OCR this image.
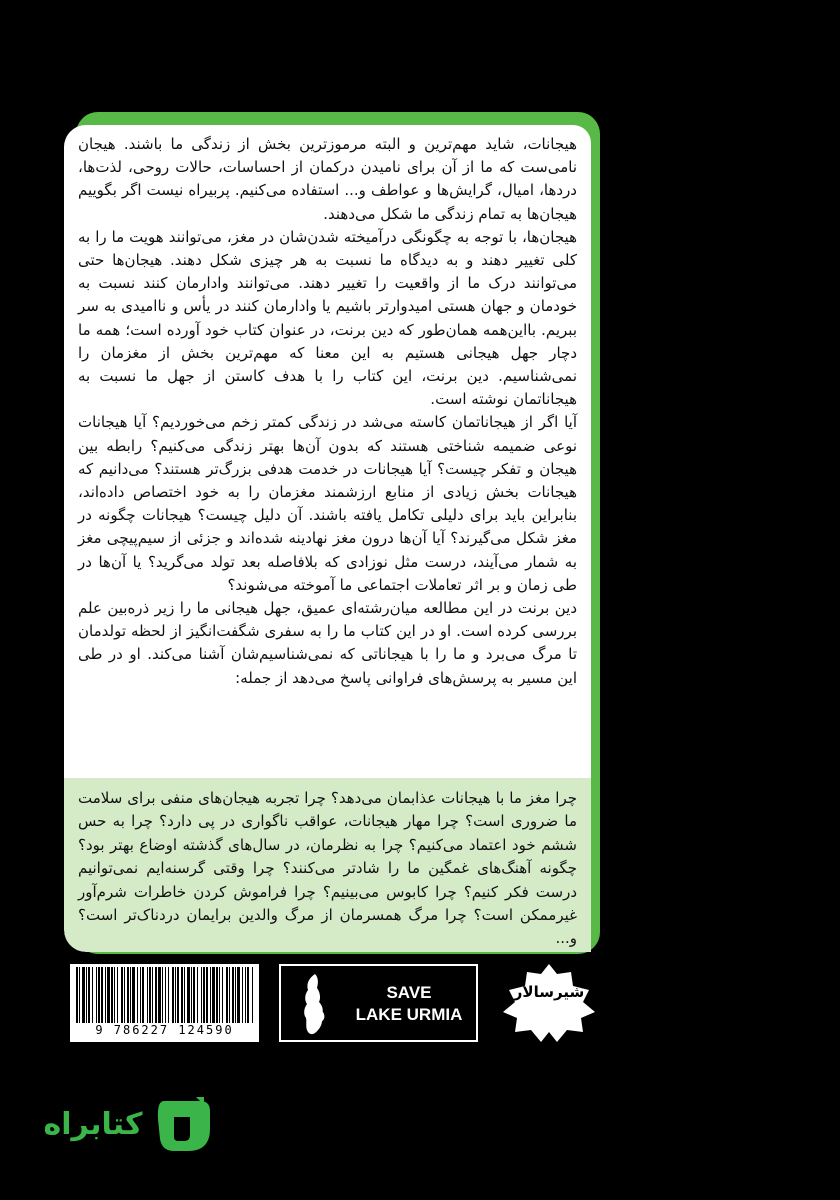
هیجانات، شاید مهم‌ترین و البته مرموزترین بخش از زندگی ما باشند. هیجان نامی‌ست که ما از آن برای نامیدن درکمان از احساسات، حالات روحی، لذت‌ها، دردها، امیال، گرایش‌ها و عواطف و... استفاده می‌کنیم. پربیراه نیست اگر بگوییم هیجان‌ها به تمام زندگی ما شکل می‌دهند.

هیجان‌ها، با توجه به چگونگی درآمیخته شدن‌شان در مغز، می‌توانند هویت ما را به کلی تغییر دهند و به دیدگاه ما نسبت به هر چیزی شکل دهند. هیجان‌ها حتی می‌توانند درک ما از واقعیت را تغییر دهند. می‌توانند وادارمان کنند نسبت به خودمان و جهان هستی امیدوارتر باشیم یا وادارمان کنند در یأس و ناامیدی به سر ببریم. بااین‌همه همان‌طور که دین برنت، در عنوان کتاب خود آورده است؛ همه ما دچار جهل هیجانی هستیم به این معنا که مهم‌ترین بخش از مغزمان را نمی‌شناسیم. دین برنت، این کتاب را با هدف کاستن از جهل ما نسبت به هیجاناتمان نوشته است.

آیا اگر از هیجاناتمان کاسته می‌شد در زندگی کمتر زخم می‌خوردیم؟ آیا هیجانات نوعی ضمیمه شناختی هستند که بدون آن‌ها بهتر زندگی می‌کنیم؟ رابطه بین هیجان و تفکر چیست؟ آیا هیجانات در خدمت هدفی بزرگ‌تر هستند؟ می‌دانیم که هیجانات بخش زیادی از منابع ارزشمند مغزمان را به خود اختصاص داده‌اند، بنابراین باید برای دلیلی تکامل یافته باشند. آن دلیل چیست؟ هیجانات چگونه در مغز شکل می‌گیرند؟ آیا آن‌ها درون مغز نهادینه شده‌اند و جزئی از سیم‌پیچی مغز به شمار می‌آیند، درست مثل نوزادی که بلافاصله بعد تولد می‌گرید؟ یا آن‌ها در طی زمان و بر اثر تعاملات اجتماعی ما آموخته می‌شوند؟

دین برنت در این مطالعه میان‌رشته‌ای عمیق، جهل هیجانی ما را زیر ذره‌بین علم بررسی کرده است. او در این کتاب ما را به سفری شگفت‌انگیز از لحظه تولدمان تا مرگ می‌برد و ما را با هیجاناتی که نمی‌شناسیم‌شان آشنا می‌کند. او در طی این مسیر به پرسش‌های فراوانی پاسخ می‌دهد از جمله:

چرا مغز ما با هیجانات عذابمان می‌دهد؟ چرا تجربه هیجان‌های منفی برای سلامت ما ضروری است؟ چرا مهار هیجانات، عواقب ناگواری در پی دارد؟ چرا به حس ششم خود اعتماد می‌کنیم؟ چرا به نظرمان، در سال‌های گذشته اوضاع بهتر بود؟ چگونه آهنگ‌های غمگین ما را شادتر می‌کنند؟ چرا وقتی گرسنه‌ایم نمی‌توانیم درست فکر کنیم؟ چرا کابوس می‌بینیم؟ چرا فراموش کردن خاطرات شرم‌آور غیرممکن است؟ چرا مرگ همسرمان از مرگ والدین برایمان دردناک‌تر است؟ و...

9 786227 124590
SAVE
LAKE URMIA
شیرسالار
کتابراه
